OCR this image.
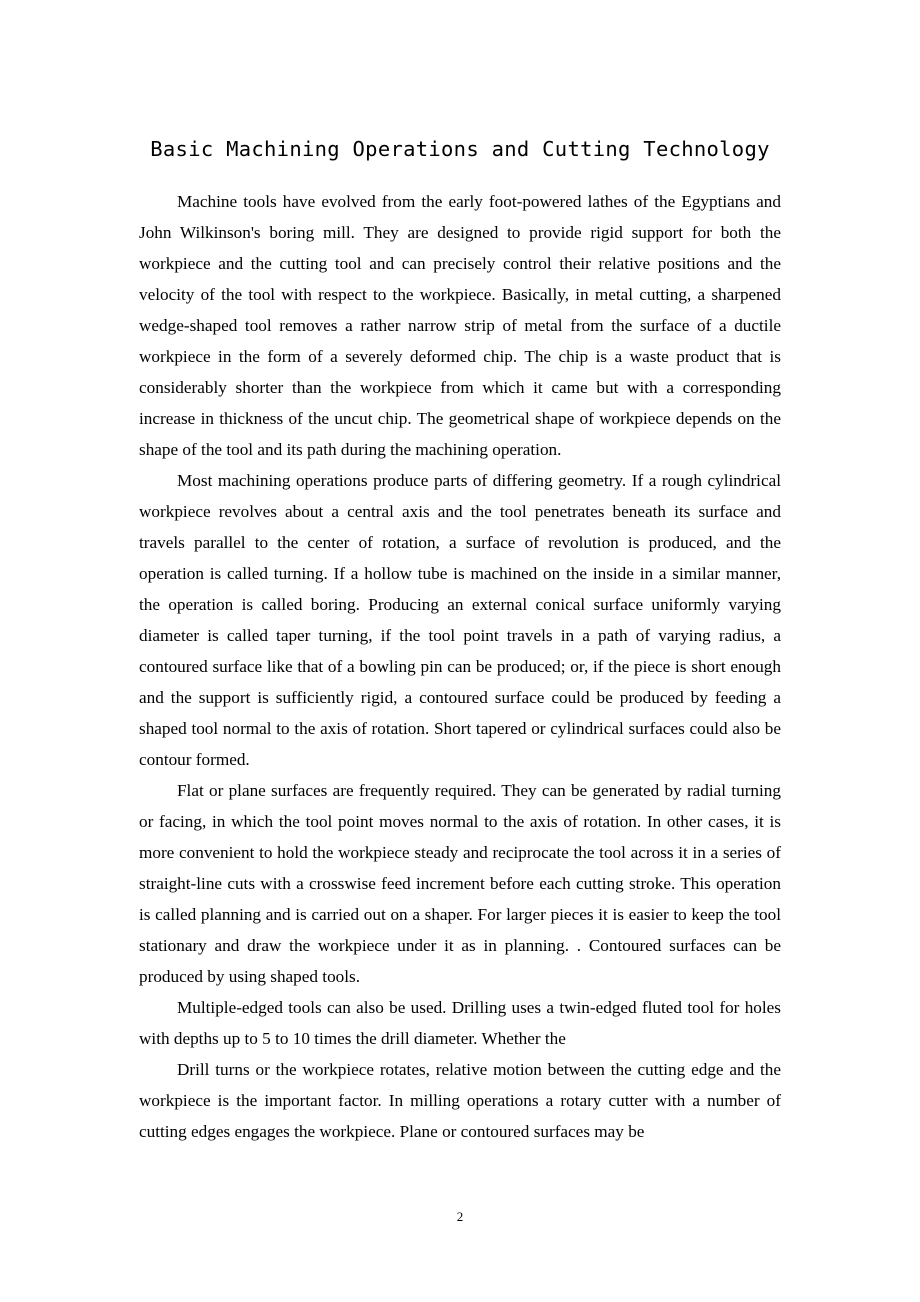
Basic Machining Operations and Cutting Technology

Machine tools have evolved from the early foot-powered lathes of the Egyptians and John Wilkinson's boring mill. They are designed to provide rigid support for both the workpiece and the cutting tool and can precisely control their relative positions and the velocity of the tool with respect to the workpiece. Basically, in metal cutting, a sharpened wedge-shaped tool removes a rather narrow strip of metal from the surface of a ductile workpiece in the form of a severely deformed chip. The chip is a waste product that is considerably shorter than the workpiece from which it came but with a corresponding increase in thickness of the uncut chip. The geometrical shape of workpiece depends on the shape of the tool and its path during the machining operation.

Most machining operations produce parts of differing geometry. If a rough cylindrical workpiece revolves about a central axis and the tool penetrates beneath its surface and travels parallel to the center of rotation, a surface of revolution is produced, and the operation is called turning. If a hollow tube is machined on the inside in a similar manner, the operation is called boring. Producing an external conical surface uniformly varying diameter is called taper turning, if the tool point travels in a path of varying radius, a contoured surface like that of a bowling pin can be produced; or, if the piece is short enough and the support is sufficiently rigid, a contoured surface could be produced by feeding a shaped tool normal to the axis of rotation. Short tapered or cylindrical surfaces could also be contour formed.

Flat or plane surfaces are frequently required. They can be generated by radial turning or facing, in which the tool point moves normal to the axis of rotation. In other cases, it is more convenient to hold the workpiece steady and reciprocate the tool across it in a series of straight-line cuts with a crosswise feed increment before each cutting stroke. This operation is called planning and is carried out on a shaper. For larger pieces it is easier to keep the tool stationary and draw the workpiece under it as in planning. . Contoured surfaces can be produced by using shaped tools.

Multiple-edged tools can also be used. Drilling uses a twin-edged fluted tool for holes with depths up to 5 to 10 times the drill diameter. Whether the

Drill turns or the workpiece rotates, relative motion between the cutting edge and the workpiece is the important factor. In milling operations a rotary cutter with a number of cutting edges engages the workpiece. Plane or contoured surfaces may be

2
